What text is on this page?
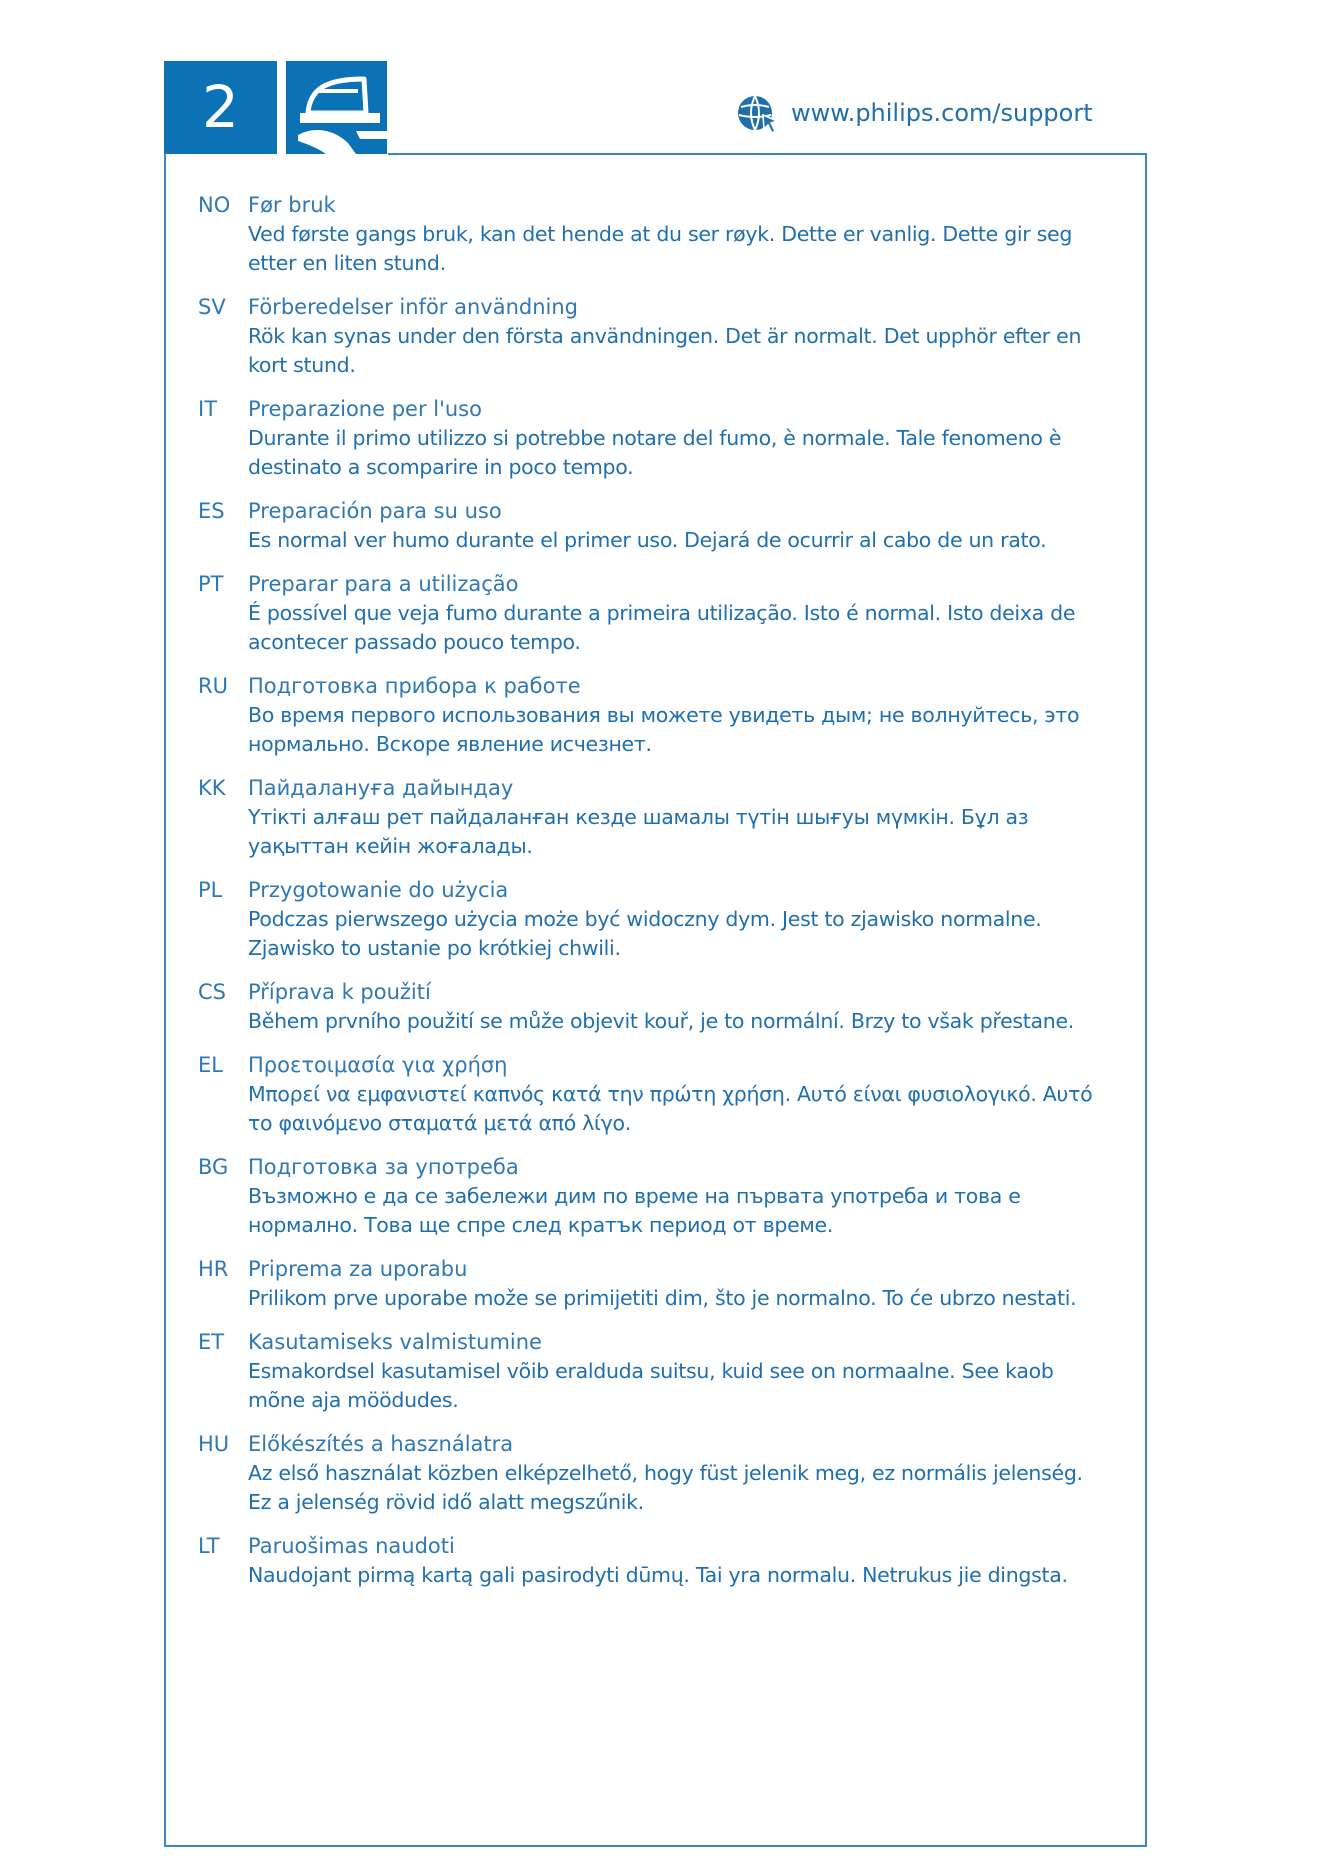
2	www.philips.com/support
NO Før bruk
Ved første gangs bruk, kan det hende at du ser røyk. Dette er vanlig. Dette gir seg etter en liten stund.
SV Förberedelser inför användning
Rök kan synas under den första användningen. Det är normalt. Det upphör efter en kort stund.
IT Preparazione per l'uso
Durante il primo utilizzo si potrebbe notare del fumo, è normale. Tale fenomeno è destinato a scomparire in poco tempo.
ES Preparación para su uso
Es normal ver humo durante el primer uso. Dejará de ocurrir al cabo de un rato.
PT Preparar para a utilização
É possível que veja fumo durante a primeira utilização. Isto é normal. Isto deixa de acontecer passado pouco tempo.
RU Подготовка прибора к работе
Во время первого использования вы можете увидеть дым; не волнуйтесь, это нормально. Вскоре явление исчезнет.
KK Пайдалануға дайындау
Үтікті алғаш рет пайдаланған кезде шамалы түтін шығуы мүмкін. Бұл аз уақыттан кейін жоғалады.
PL Przygotowanie do użycia
Podczas pierwszego użycia może być widoczny dym. Jest to zjawisko normalne. Zjawisko to ustanie po krótkiej chwili.
CS Příprava k použití
Během prvního použití se může objevit kouř, je to normální. Brzy to však přestane.
EL Προετοιμασία για χρήση
Μπορεί να εμφανιστεί καπνός κατά την πρώτη χρήση. Αυτό είναι φυσιολογικό. Αυτό το φαινόμενο σταματά μετά από λίγο.
BG Подготовка за употреба
Възможно е да се забележи дим по време на първата употреба и това е нормално. Това ще спре след кратък период от време.
HR Priprema za uporabu
Prilikom prve uporabe može se primijetiti dim, što je normalno. To će ubrzo nestati.
ET Kasutamiseks valmistumine
Esmakordsel kasutamisel võib eralduda suitsu, kuid see on normaalne. See kaob mõne aja möödudes.
HU Előkészítés a használatra
Az első használat közben elképzelhető, hogy füst jelenik meg, ez normális jelenség. Ez a jelenség rövid idő alatt megszűnik.
LT Paruošimas naudoti
Naudojant pirmą kartą gali pasirodyti dūmų. Tai yra normalu. Netrukus jie dingsta.
